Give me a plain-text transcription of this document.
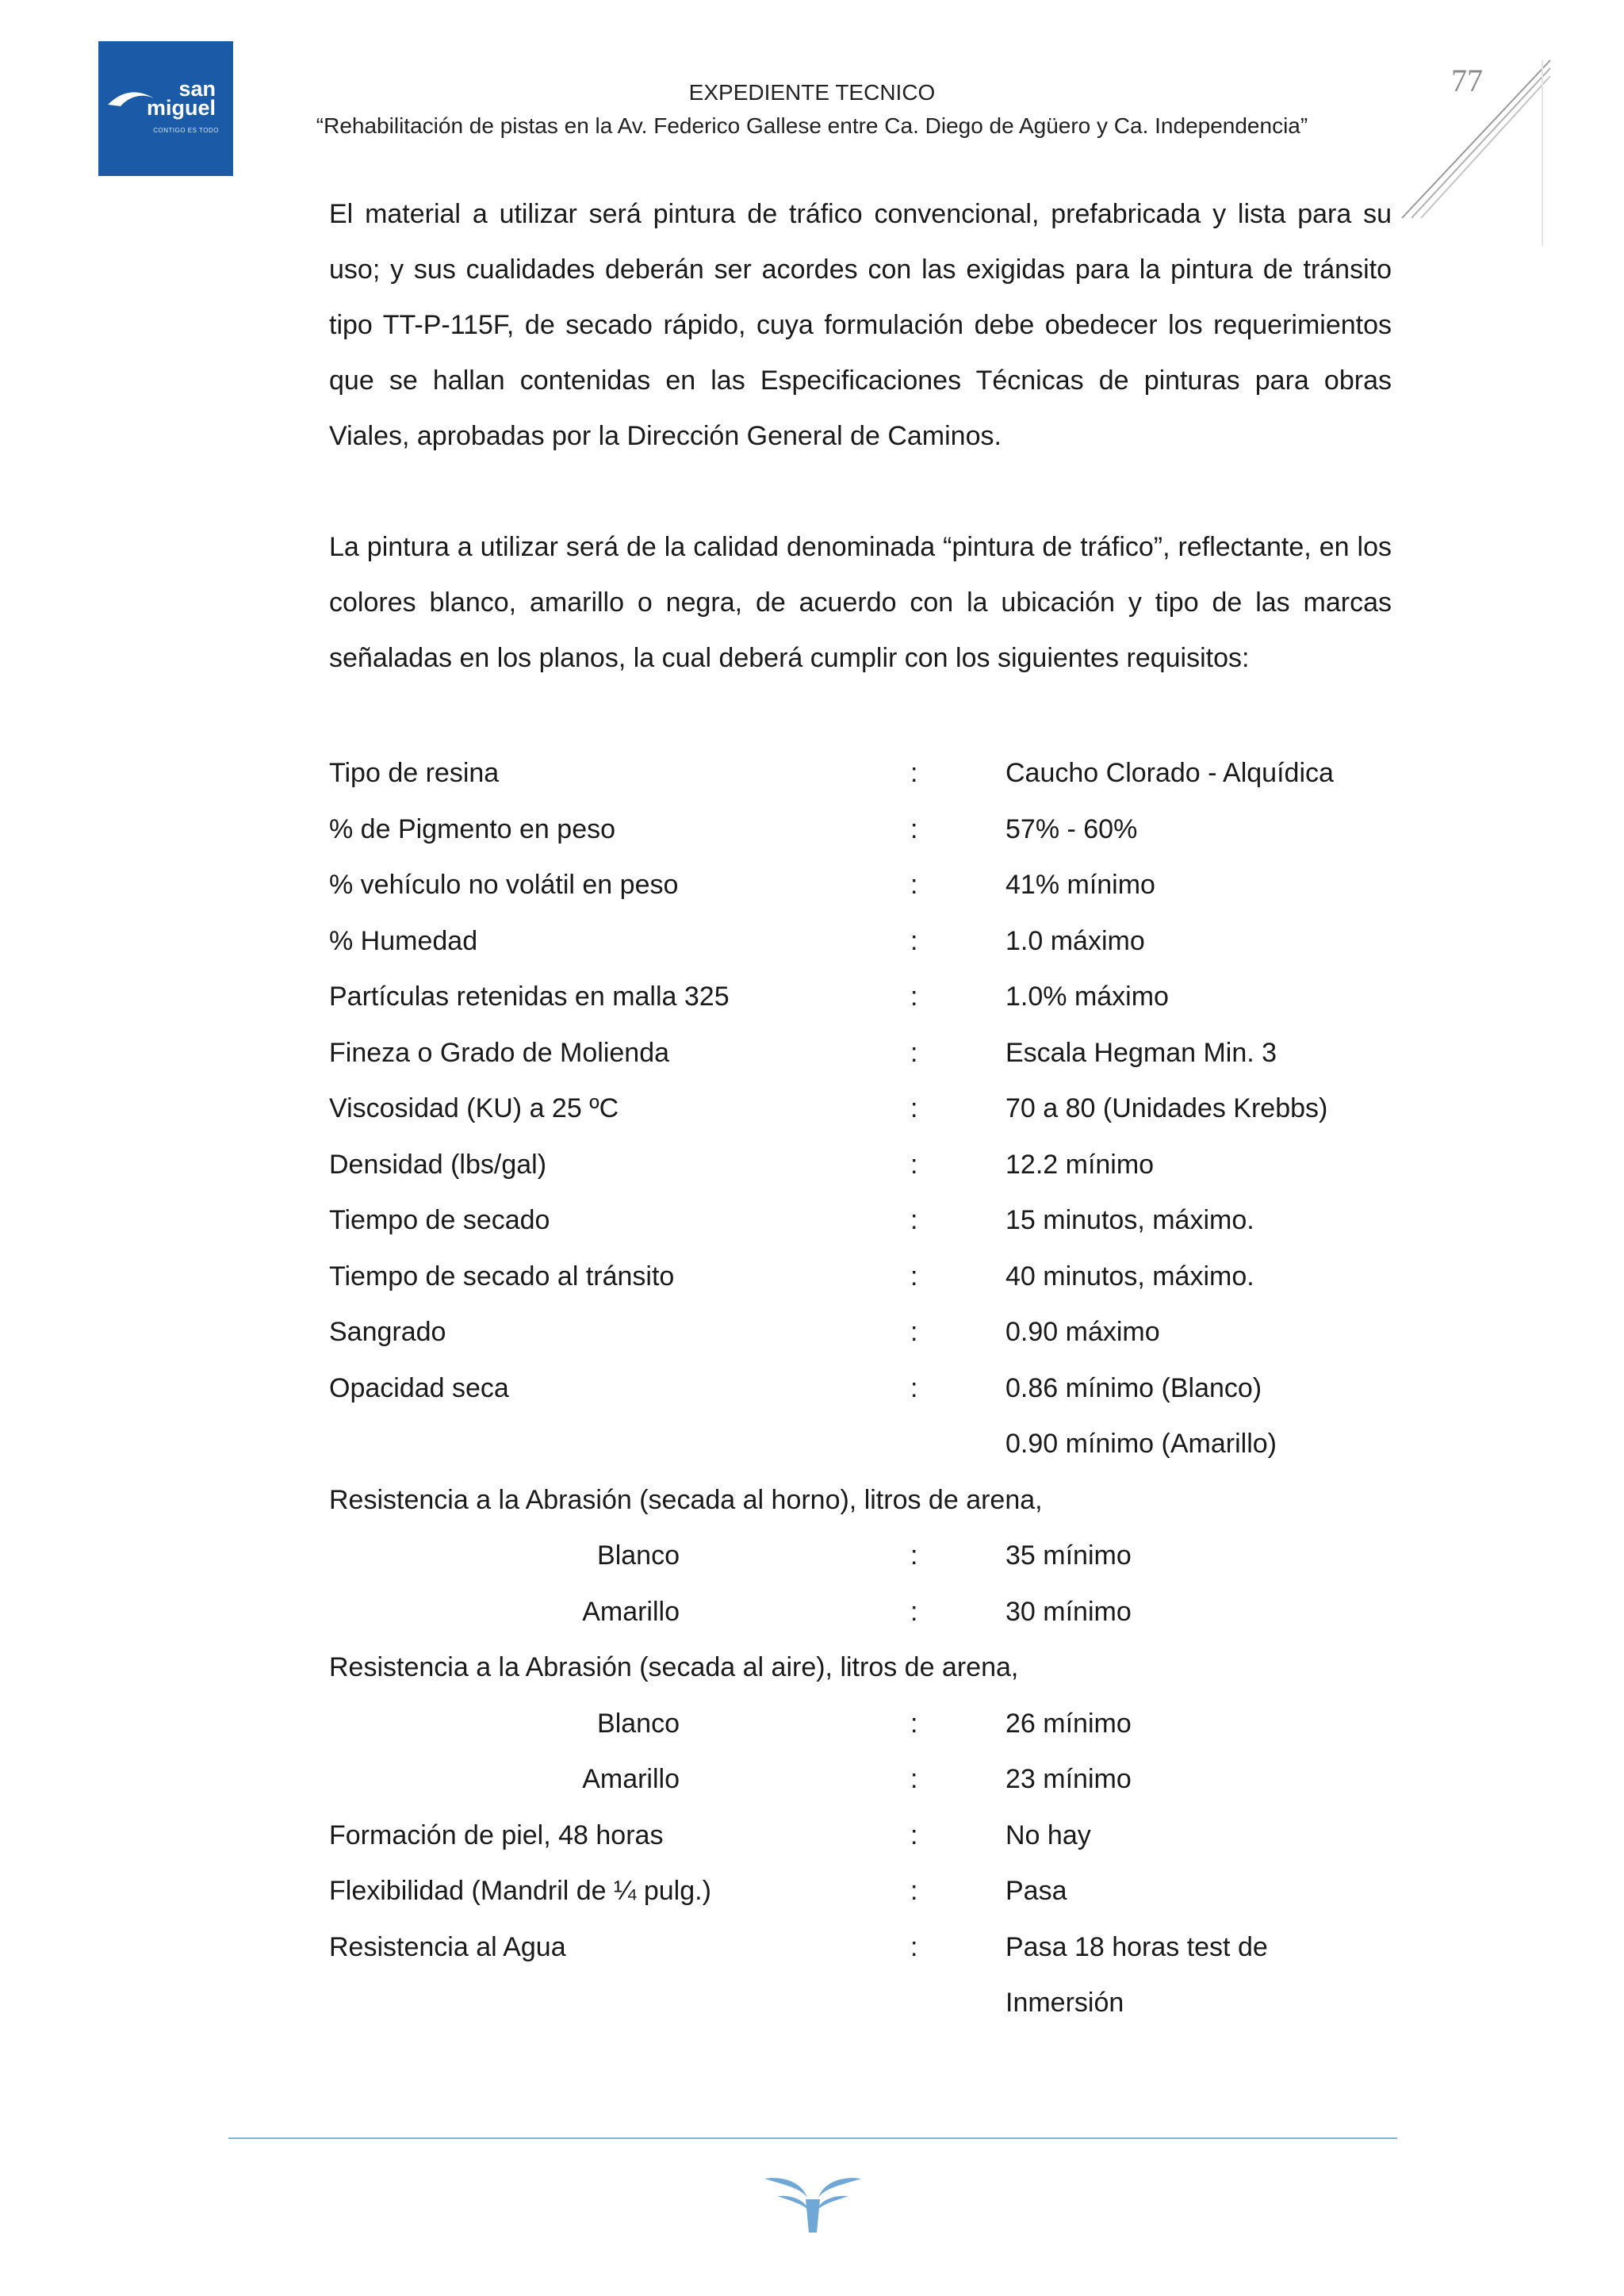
san
miguel
CONTIGO ES TODO
EXPEDIENTE TECNICO
“Rehabilitación de pistas en la Av. Federico Gallese entre Ca. Diego de Agüero y Ca. Independencia”
77

El material a utilizar será pintura de tráfico convencional, prefabricada y lista para su uso; y sus cualidades deberán ser acordes con las exigidas para la pintura de tránsito tipo TT-P-115F, de secado rápido, cuya formulación debe obedecer los requerimientos que se hallan contenidas en las Especificaciones Técnicas de pinturas para obras Viales, aprobadas por la Dirección General de Caminos.

La pintura a utilizar será de la calidad denominada “pintura de tráfico”, reflectante, en los colores blanco, amarillo o negra, de acuerdo con la ubicación y tipo de las marcas señaladas en los planos, la cual deberá cumplir con los siguientes requisitos:

Tipo de resina	:	Caucho Clorado - Alquídica
% de Pigmento en peso	:	57% - 60%
% vehículo no volátil en peso	:	41% mínimo
% Humedad	:	1.0 máximo
Partículas retenidas en malla 325	:	1.0% máximo
Fineza o Grado de Molienda	:	Escala Hegman Min. 3
Viscosidad (KU) a 25 ºC	:	70 a 80 (Unidades Krebbs)
Densidad (lbs/gal)	:	12.2 mínimo
Tiempo de secado	:	15 minutos, máximo.
Tiempo de secado al tránsito	:	40 minutos, máximo.
Sangrado	:	0.90 máximo
Opacidad seca	:	0.86 mínimo (Blanco)
0.90 mínimo (Amarillo)
Resistencia a la Abrasión (secada al horno), litros de arena,
Blanco	:	35 mínimo
Amarillo	:	30 mínimo
Resistencia a la Abrasión (secada al aire), litros de arena,
Blanco	:	26 mínimo
Amarillo	:	23 mínimo
Formación de piel, 48 horas	:	No hay
Flexibilidad (Mandril de ¼ pulg.)	:	Pasa
Resistencia al Agua	:	Pasa 18 horas test de
Inmersión
